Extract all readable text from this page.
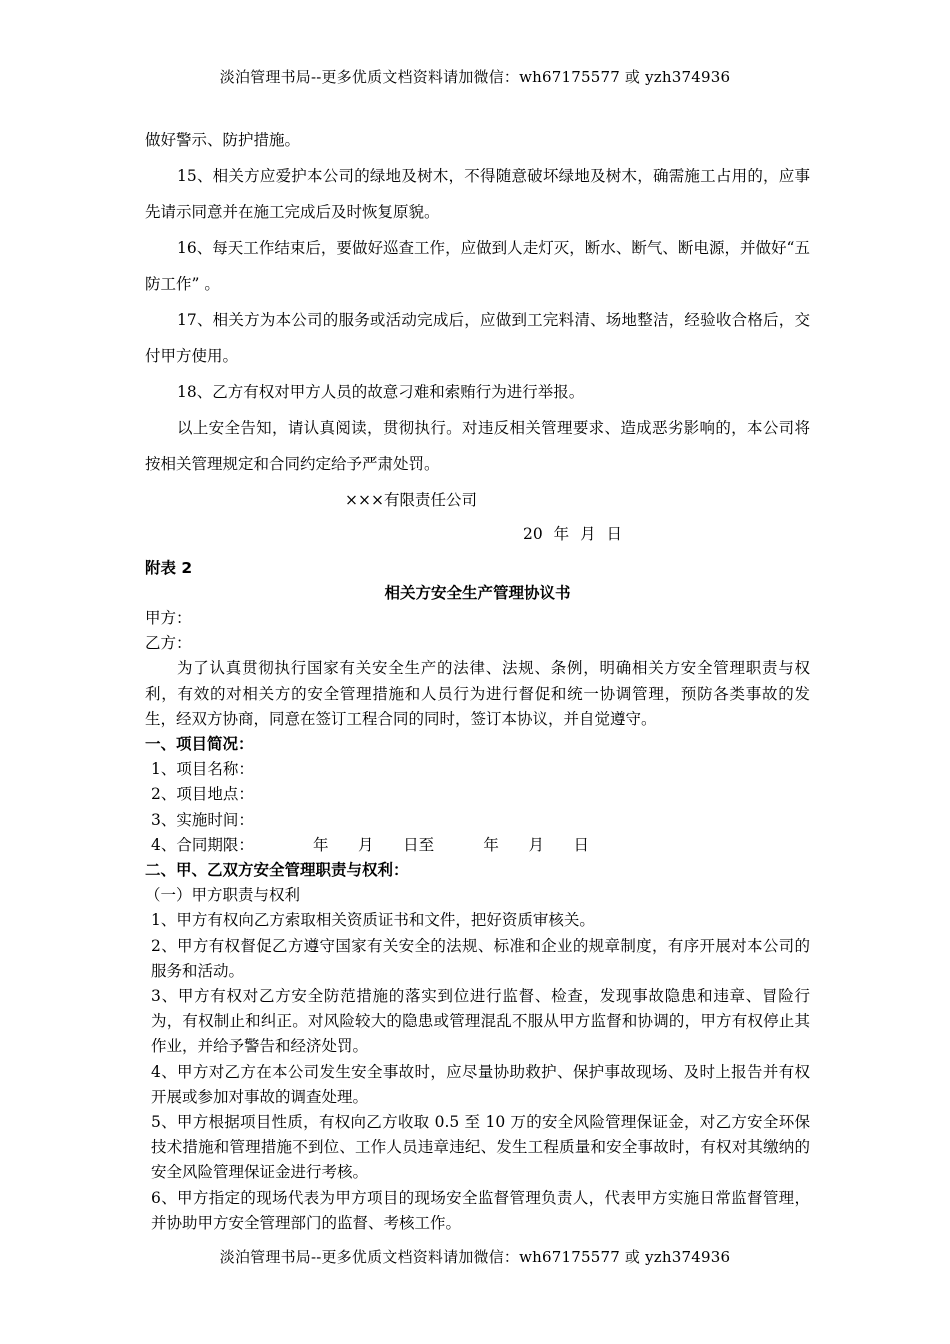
淡泊管理书局--更多优质文档资料请加微信：wh67175577 或 yzh374936

做好警示、防护措施。

15、相关方应爱护本公司的绿地及树木，不得随意破坏绿地及树木，确需施工占用的，应事先请示同意并在施工完成后及时恢复原貌。

16、每天工作结束后，要做好巡查工作，应做到人走灯灭，断水、断气、断电源，并做好“五防工作” 。

17、相关方为本公司的服务或活动完成后，应做到工完料清、场地整洁，经验收合格后，交付甲方使用。

18、乙方有权对甲方人员的故意刁难和索贿行为进行举报。

以上安全告知，请认真阅读，贯彻执行。对违反相关管理要求、造成恶劣影响的，本公司将按相关管理规定和合同约定给予严肃处罚。

×××有限责任公司

20 年 月 日

附表 2
相关方安全生产管理协议书

甲方：

乙方：

为了认真贯彻执行国家有关安全生产的法律、法规、条例，明确相关方安全管理职责与权利，有效的对相关方的安全管理措施和人员行为进行督促和统一协调管理，预防各类事故的发生，经双方协商，同意在签订工程合同的同时，签订本协议，并自觉遵守。

一、项目简况：

1、项目名称：

2、项目地点：

3、实施时间：

4、合同期限：            年      月      日至          年      月      日

二、甲、乙双方安全管理职责与权利：

（一）甲方职责与权利

1、甲方有权向乙方索取相关资质证书和文件，把好资质审核关。

2、甲方有权督促乙方遵守国家有关安全的法规、标准和企业的规章制度，有序开展对本公司的服务和活动。

3、甲方有权对乙方安全防范措施的落实到位进行监督、检查，发现事故隐患和违章、冒险行为，有权制止和纠正。对风险较大的隐患或管理混乱不服从甲方监督和协调的，甲方有权停止其作业，并给予警告和经济处罚。

4、甲方对乙方在本公司发生安全事故时，应尽量协助救护、保护事故现场、及时上报告并有权开展或参加对事故的调查处理。

5、甲方根据项目性质，有权向乙方收取 0.5 至 10 万的安全风险管理保证金，对乙方安全环保技术措施和管理措施不到位、工作人员违章违纪、发生工程质量和安全事故时，有权对其缴纳的安全风险管理保证金进行考核。

6、甲方指定的现场代表为甲方项目的现场安全监督管理负责人，代表甲方实施日常监督管理，并协助甲方安全管理部门的监督、考核工作。

淡泊管理书局--更多优质文档资料请加微信：wh67175577 或 yzh374936
